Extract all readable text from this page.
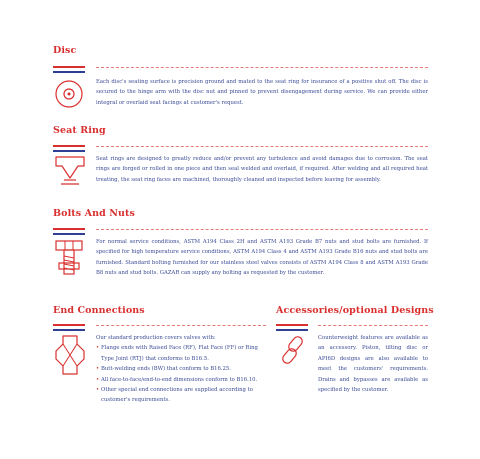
Disc

Each disc's seating surface is precision ground and mated to the seat ring for insurance of a positive shut off. The disc is secured to the hinge arm with the disc nut and pinned to prevent disengagement during service. We can provide either integral or overlaid seat facings at customer's request.

Seat Ring

Seat rings are designed to greatly reduce and/or prevent any turbulence and avoid damages due to corrosion. The seat rings are forged or rolled in one piece and then seal welded and overlaid, if required. After welding and all required heat treating, the seat ring faces are machined, thoroughly cleaned and inspected before leaving for assembly.

Bolts And Nuts

For normal service conditions, ASTM A194 Class 2H and ASTM A193 Grade B7 nuts and stud bolts are furnished. If specified for high temperature service conditions, ASTM A194 Class 4 and ASTM A193 Grade B16 nuts and stud bolts are furnished. Standard bolting furnished for our stainless steel valves consists of ASTM A194 Class 8 and ASTM A193 Grade B8 nuts and stud bolts. GAZAR can supply any bolting as requested by the customer.

End Connections

Our standard production covers valves with:

• Flange ends with Raised Face (RF), Flat Face (FF) or Ring Type Joint (RTJ) that conforms to B16.5.
• Butt-welding ends (BW) that conform to B16.25.
• All face-to-face/end-to-end dimensions conform to B16.10.
• Other special end connections are supplied according to customer's requirements.
Accessories/optional Designs

Counterweight features are available as an accessory. Piston, tilting disc or API6D designs are also available to meet the customers' requirements. Drains and bypasses are available as specified by the customer.
